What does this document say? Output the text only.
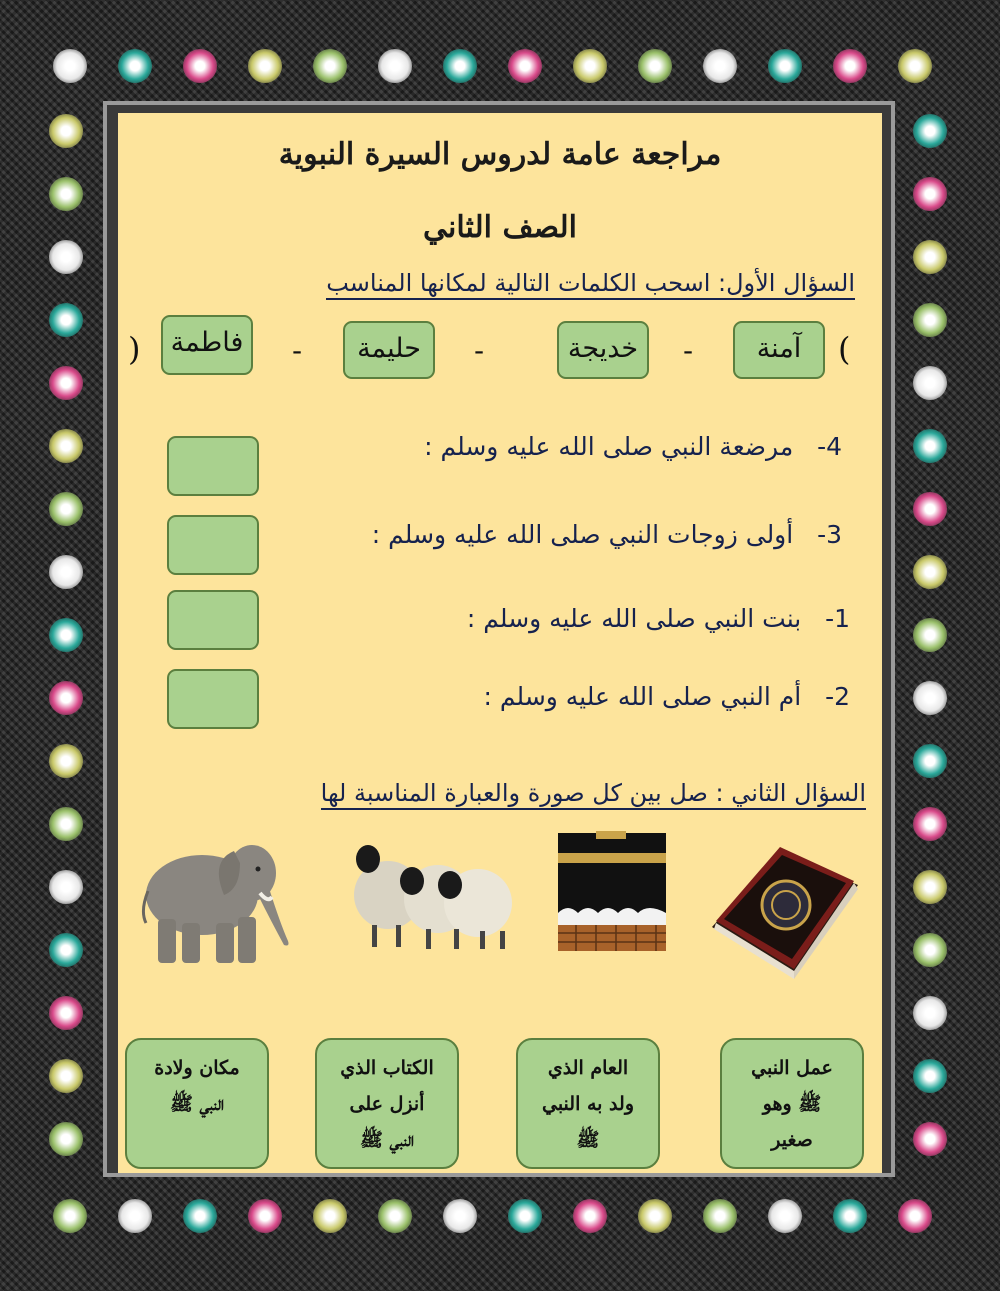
مراجعة عامة لدروس السيرة النبوية
الصف الثاني
السؤال الأول: اسحب الكلمات التالية لمكانها المناسب
(
آمنة
-
خديجة
-
حليمة
-
فاطمة
)
4-   مرضعة النبي صلى الله عليه وسلم :
3-   أولى زوجات النبي صلى الله عليه وسلم :
1-   بنت النبي صلى الله عليه وسلم :
2-   أم النبي صلى الله عليه وسلم :
السؤال الثاني : صل بين كل صورة والعبارة المناسبة لها
عمل النبي
ﷺ وهو
صغير
العام الذي
ولد به النبي
ﷺ
الكتاب الذي
أنزل على
النبي ﷺ
مكان ولادة
النبي ﷺ
